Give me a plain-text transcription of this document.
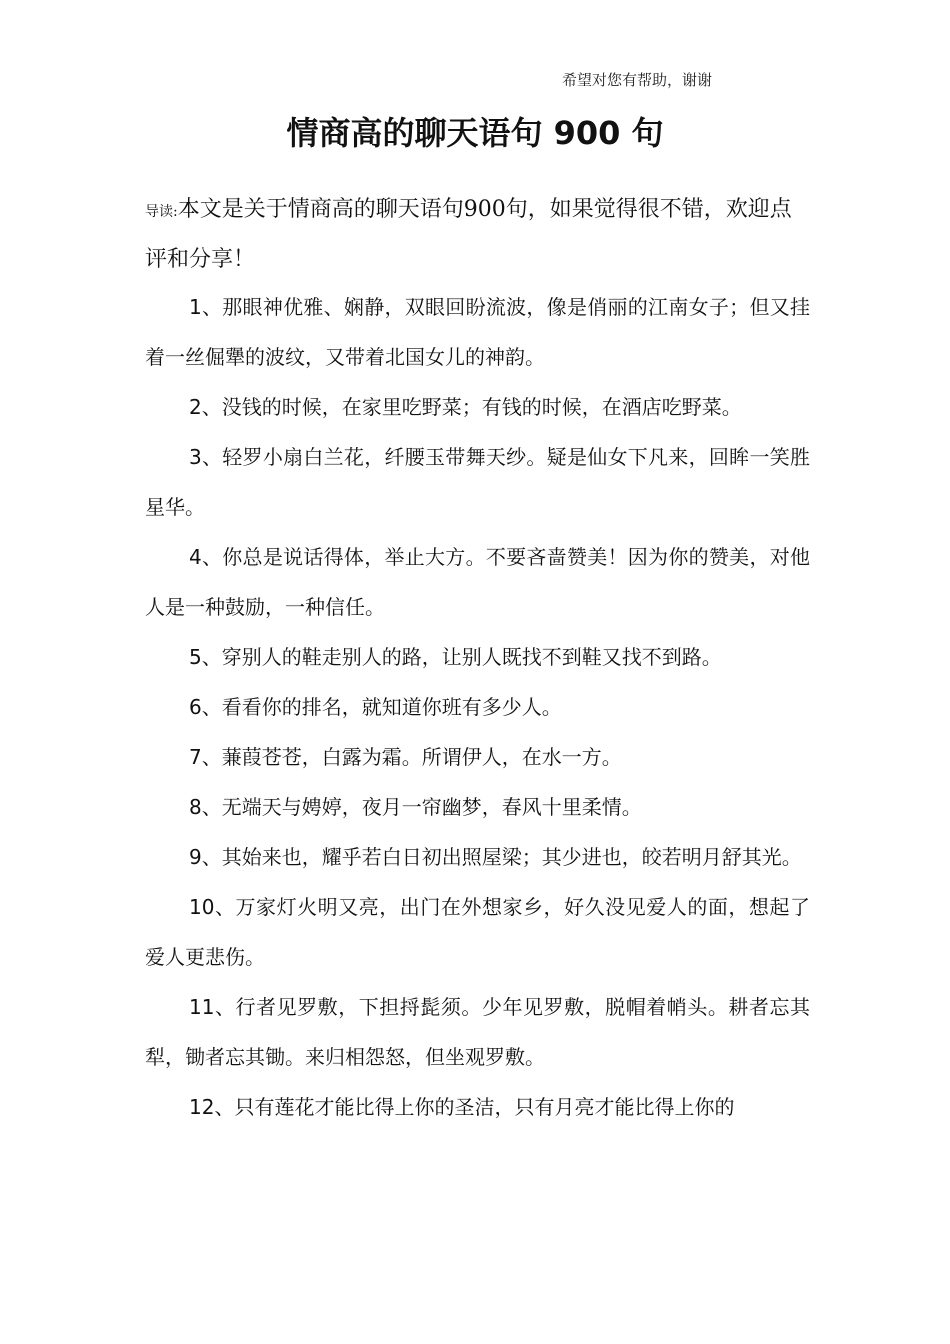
希望对您有帮助，谢谢
情商高的聊天语句 900 句
导读:本文是关于情商高的聊天语句900句，如果觉得很不错，欢迎点评和分享！

1、那眼神优雅、娴静，双眼回盼流波，像是俏丽的江南女子；但又挂着一丝倔犟的波纹，又带着北国女儿的神韵。

2、没钱的时候，在家里吃野菜；有钱的时候，在酒店吃野菜。

3、轻罗小扇白兰花，纤腰玉带舞天纱。疑是仙女下凡来，回眸一笑胜星华。

4、你总是说话得体，举止大方。不要吝啬赞美！因为你的赞美，对他人是一种鼓励，一种信任。

5、穿别人的鞋走别人的路，让别人既找不到鞋又找不到路。

6、看看你的排名，就知道你班有多少人。

7、蒹葭苍苍，白露为霜。所谓伊人，在水一方。

8、无端天与娉婷，夜月一帘幽梦，春风十里柔情。

9、其始来也，耀乎若白日初出照屋梁；其少进也，皎若明月舒其光。

10、万家灯火明又亮，出门在外想家乡，好久没见爱人的面，想起了爱人更悲伤。

11、行者见罗敷，下担捋髭须。少年见罗敷，脱帽着帩头。耕者忘其犁，锄者忘其锄。来归相怨怒，但坐观罗敷。

12、只有莲花才能比得上你的圣洁，只有月亮才能比得上你的
